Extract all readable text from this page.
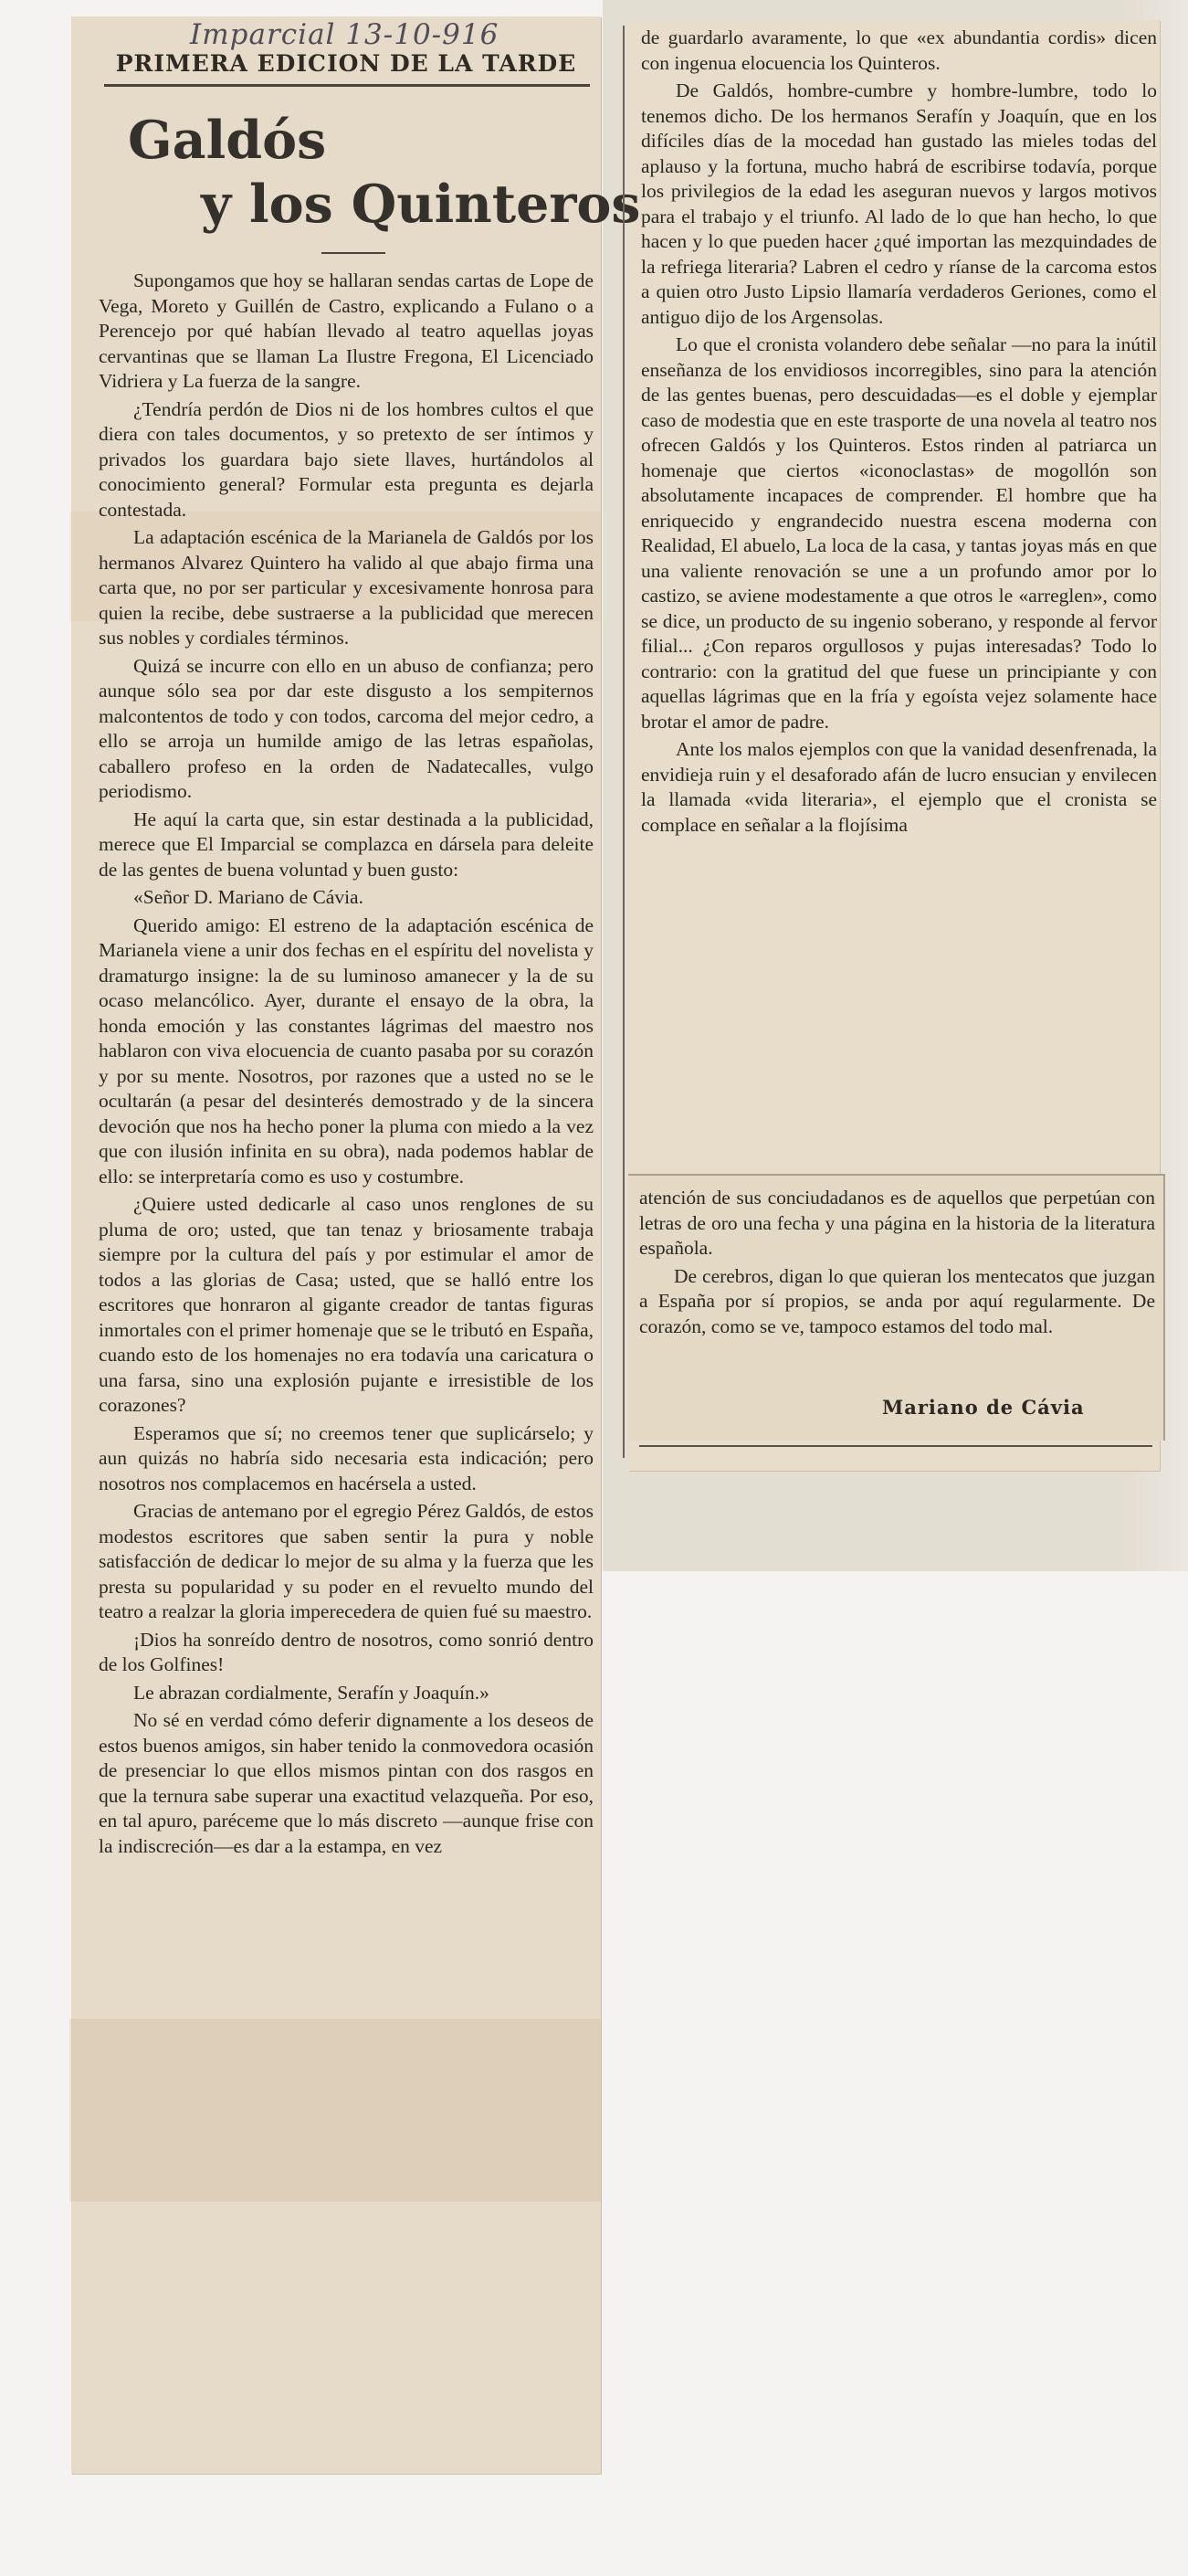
Imparcial 13-10-916
PRIMERA EDICION DE LA TARDE
Galdós
y los Quinteros

Supongamos que hoy se hallaran sendas cartas de Lope de Vega, Moreto y Guillén de Castro, explicando a Fulano o a Perencejo por qué habían llevado al teatro aquellas joyas cervantinas que se llaman La Ilustre Fregona, El Licenciado Vidriera y La fuerza de la sangre.

¿Tendría perdón de Dios ni de los hombres cultos el que diera con tales documentos, y so pretexto de ser íntimos y privados los guardara bajo siete llaves, hurtándolos al conocimiento general? Formular esta pregunta es dejarla contestada.

La adaptación escénica de la Marianela de Galdós por los hermanos Alvarez Quintero ha valido al que abajo firma una carta que, no por ser particular y excesivamente honrosa para quien la recibe, debe sustraerse a la publicidad que merecen sus nobles y cordiales términos.

Quizá se incurre con ello en un abuso de confianza; pero aunque sólo sea por dar este disgusto a los sempiternos malcontentos de todo y con todos, carcoma del mejor cedro, a ello se arroja un humilde amigo de las letras españolas, caballero profeso en la orden de Nadatecalles, vulgo periodismo.

He aquí la carta que, sin estar destinada a la publicidad, merece que El Imparcial se complazca en dársela para deleite de las gentes de buena voluntad y buen gusto:

«Señor D. Mariano de Cávia.

Querido amigo: El estreno de la adaptación escénica de Marianela viene a unir dos fechas en el espíritu del novelista y dramaturgo insigne: la de su luminoso amanecer y la de su ocaso melancólico. Ayer, durante el ensayo de la obra, la honda emoción y las constantes lágrimas del maestro nos hablaron con viva elocuencia de cuanto pasaba por su corazón y por su mente. Nosotros, por razones que a usted no se le ocultarán (a pesar del desinterés demostrado y de la sincera devoción que nos ha hecho poner la pluma con miedo a la vez que con ilusión infinita en su obra), nada podemos hablar de ello: se interpretaría como es uso y costumbre.

¿Quiere usted dedicarle al caso unos renglones de su pluma de oro; usted, que tan tenaz y briosamente trabaja siempre por la cultura del país y por estimular el amor de todos a las glorias de Casa; usted, que se halló entre los escritores que honraron al gigante creador de tantas figuras inmortales con el primer homenaje que se le tributó en España, cuando esto de los homenajes no era todavía una caricatura o una farsa, sino una explosión pujante e irresistible de los corazones?

Esperamos que sí; no creemos tener que suplicárselo; y aun quizás no habría sido necesaria esta indicación; pero nosotros nos complacemos en hacérsela a usted.

Gracias de antemano por el egregio Pérez Galdós, de estos modestos escritores que saben sentir la pura y noble satisfacción de dedicar lo mejor de su alma y la fuerza que les presta su popularidad y su poder en el revuelto mundo del teatro a realzar la gloria imperecedera de quien fué su maestro.

¡Dios ha sonreído dentro de nosotros, como sonrió dentro de los Golfines!

Le abrazan cordialmente, Serafín y Joaquín.»

No sé en verdad cómo deferir dignamente a los deseos de estos buenos amigos, sin haber tenido la conmovedora ocasión de presenciar lo que ellos mismos pintan con dos rasgos en que la ternura sabe superar una exactitud velazqueña. Por eso, en tal apuro, paréceme que lo más discreto —aunque frise con la indiscreción—es dar a la estampa, en vez

de guardarlo avaramente, lo que «ex abundantia cordis» dicen con ingenua elocuencia los Quinteros.

De Galdós, hombre-cumbre y hombre-lumbre, todo lo tenemos dicho. De los hermanos Serafín y Joaquín, que en los difíciles días de la mocedad han gustado las mieles todas del aplauso y la fortuna, mucho habrá de escribirse todavía, porque los privilegios de la edad les aseguran nuevos y largos motivos para el trabajo y el triunfo. Al lado de lo que han hecho, lo que hacen y lo que pueden hacer ¿qué importan las mezquindades de la refriega literaria? Labren el cedro y ríanse de la carcoma estos a quien otro Justo Lipsio llamaría verdaderos Geriones, como el antiguo dijo de los Argensolas.

Lo que el cronista volandero debe señalar —no para la inútil enseñanza de los envidiosos incorregibles, sino para la atención de las gentes buenas, pero descuidadas—es el doble y ejemplar caso de modestia que en este trasporte de una novela al teatro nos ofrecen Galdós y los Quinteros. Estos rinden al patriarca un homenaje que ciertos «iconoclastas» de mogollón son absolutamente incapaces de comprender. El hombre que ha enriquecido y engrandecido nuestra escena moderna con Realidad, El abuelo, La loca de la casa, y tantas joyas más en que una valiente renovación se une a un profundo amor por lo castizo, se aviene modestamente a que otros le «arreglen», como se dice, un producto de su ingenio soberano, y responde al fervor filial... ¿Con reparos orgullosos y pujas interesadas? Todo lo contrario: con la gratitud del que fuese un principiante y con aquellas lágrimas que en la fría y egoísta vejez solamente hace brotar el amor de padre.

Ante los malos ejemplos con que la vanidad desenfrenada, la envidieja ruin y el desaforado afán de lucro ensucian y envilecen la llamada «vida literaria», el ejemplo que el cronista se complace en señalar a la flojísima

atención de sus conciudadanos es de aquellos que perpetúan con letras de oro una fecha y una página en la historia de la literatura española.

De cerebros, digan lo que quieran los mentecatos que juzgan a España por sí propios, se anda por aquí regularmente. De corazón, como se ve, tampoco estamos del todo mal.

Mariano de Cávia
